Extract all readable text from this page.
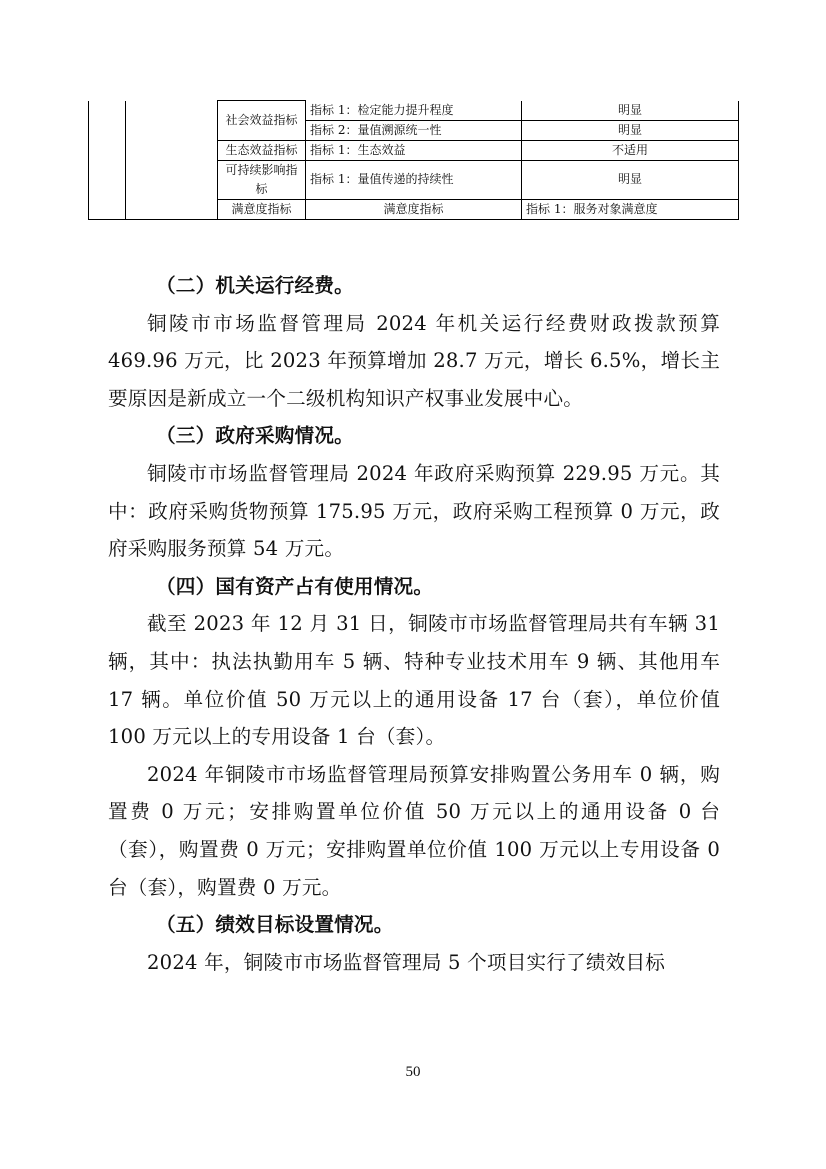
		社会效益指标	指标 1：检定能力提升程度	明显	
			指标 2：量值溯源统一性	明显	
		生态效益指标	指标 1：生态效益	不适用	
		可持续影响指标	指标 1：量值传递的持续性	明显	
		满意度指标	满意度指标	指标 1：服务对象满意度	

（二）机关运行经费。

铜陵市市场监督管理局 2024 年机关运行经费财政拨款预算 469.96 万元，比 2023 年预算增加 28.7 万元，增长 6.5%，增长主要原因是新成立一个二级机构知识产权事业发展中心。

（三）政府采购情况。

铜陵市市场监督管理局 2024 年政府采购预算 229.95 万元。其中：政府采购货物预算 175.95 万元，政府采购工程预算 0 万元，政府采购服务预算 54 万元。

（四）国有资产占有使用情况。

截至 2023 年 12 月 31 日，铜陵市市场监督管理局共有车辆 31 辆，其中：执法执勤用车 5 辆、特种专业技术用车 9 辆、其他用车 17 辆。单位价值 50 万元以上的通用设备 17 台（套），单位价值 100 万元以上的专用设备 1 台（套）。

2024 年铜陵市市场监督管理局预算安排购置公务用车 0 辆，购置费 0 万元；安排购置单位价值 50 万元以上的通用设备 0 台（套），购置费 0 万元；安排购置单位价值 100 万元以上专用设备 0 台（套），购置费 0 万元。

（五）绩效目标设置情况。

2024 年，铜陵市市场监督管理局 5 个项目实行了绩效目标

50
